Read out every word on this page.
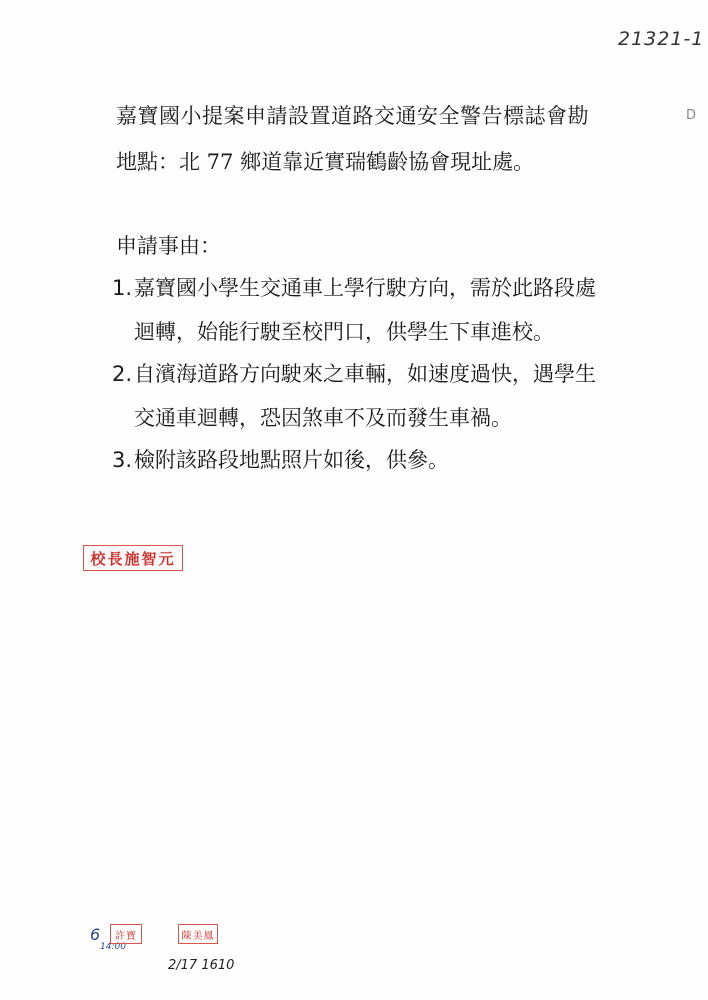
21321-1
D
嘉寶國小提案申請設置道路交通安全警告標誌會勘
地點：北 77 鄉道靠近實瑞鶴齡協會現址處。
申請事由：
1.嘉寶國小學生交通車上學行駛方向，需於此路段處
迴轉，始能行駛至校門口，供學生下車進校。
2.自濱海道路方向駛來之車輛，如速度過快，遇學生
交通車迴轉，恐因煞車不及而發生車禍。
3.檢附該路段地點照片如後，供參。
校長施智元
6
14:00
許寶	陳美鳳
2/17 1610
